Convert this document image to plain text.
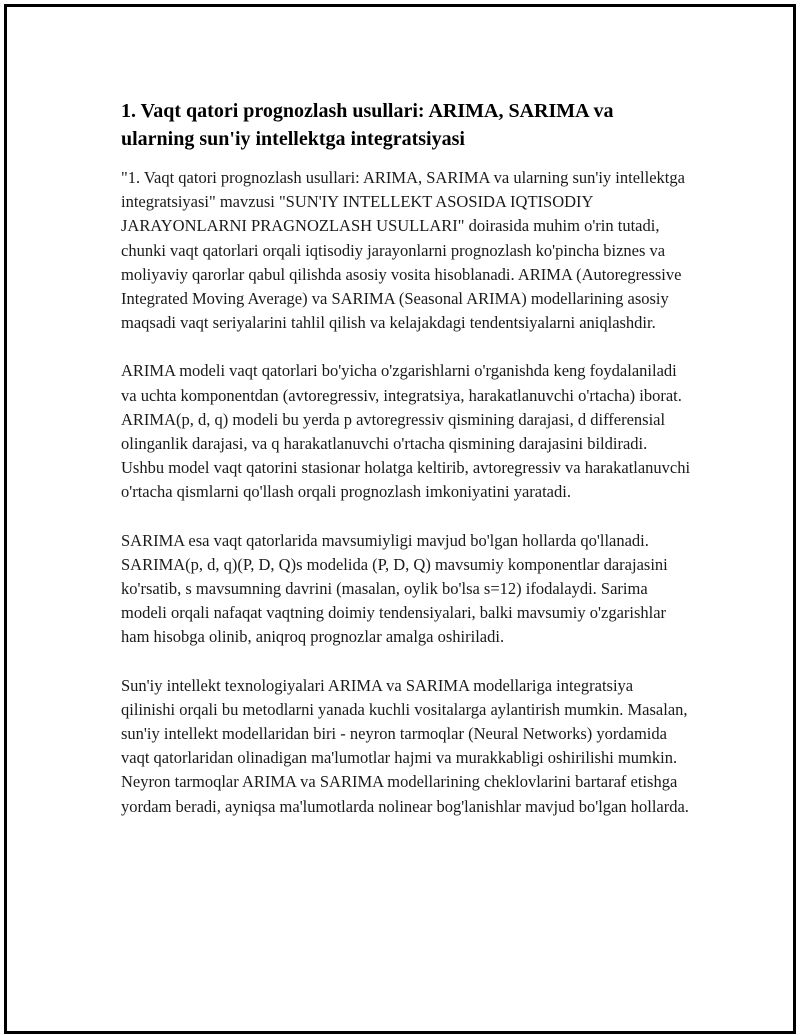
1. Vaqt qatori prognozlash usullari: ARIMA, SARIMA va ularning sun'iy intellektga integratsiyasi

"1. Vaqt qatori prognozlash usullari: ARIMA, SARIMA va ularning sun'iy intellektga integratsiyasi" mavzusi "SUN'IY INTELLEKT ASOSIDA IQTISODIY JARAYONLARNI PRAGNOZLASH USULLARI" doirasida muhim o'rin tutadi, chunki vaqt qatorlari orqali iqtisodiy jarayonlarni prognozlash ko'pincha biznes va moliyaviy qarorlar qabul qilishda asosiy vosita hisoblanadi. ARIMA (Autoregressive Integrated Moving Average) va SARIMA (Seasonal ARIMA) modellarining asosiy maqsadi vaqt seriyalarini tahlil qilish va kelajakdagi tendentsiyalarni aniqlashdir.

ARIMA modeli vaqt qatorlari bo'yicha o'zgarishlarni o'rganishda keng foydalaniladi va uchta komponentdan (avtoregressiv, integratsiya, harakatlanuvchi o'rtacha) iborat. ARIMA(p, d, q) modeli bu yerda p avtoregressiv qismining darajasi, d differensial olinganlik darajasi, va q harakatlanuvchi o'rtacha qismining darajasini bildiradi. Ushbu model vaqt qatorini stasionar holatga keltirib, avtoregressiv va harakatlanuvchi o'rtacha qismlarni qo'llash orqali prognozlash imkoniyatini yaratadi.

SARIMA esa vaqt qatorlarida mavsumiyligi mavjud bo'lgan hollarda qo'llanadi. SARIMA(p, d, q)(P, D, Q)s modelida (P, D, Q) mavsumiy komponentlar darajasini ko'rsatib, s mavsumning davrini (masalan, oylik bo'lsa s=12) ifodalaydi. Sarima modeli orqali nafaqat vaqtning doimiy tendensiyalari, balki mavsumiy o'zgarishlar ham hisobga olinib, aniqroq prognozlar amalga oshiriladi.

Sun'iy intellekt texnologiyalari ARIMA va SARIMA modellariga integratsiya qilinishi orqali bu metodlarni yanada kuchli vositalarga aylantirish mumkin. Masalan, sun'iy intellekt modellaridan biri - neyron tarmoqlar (Neural Networks) yordamida vaqt qatorlaridan olinadigan ma'lumotlar hajmi va murakkabligi oshirilishi mumkin. Neyron tarmoqlar ARIMA va SARIMA modellarining cheklovlarini bartaraf etishga yordam beradi, ayniqsa ma'lumotlarda nolinear bog'lanishlar mavjud bo'lgan hollarda.
